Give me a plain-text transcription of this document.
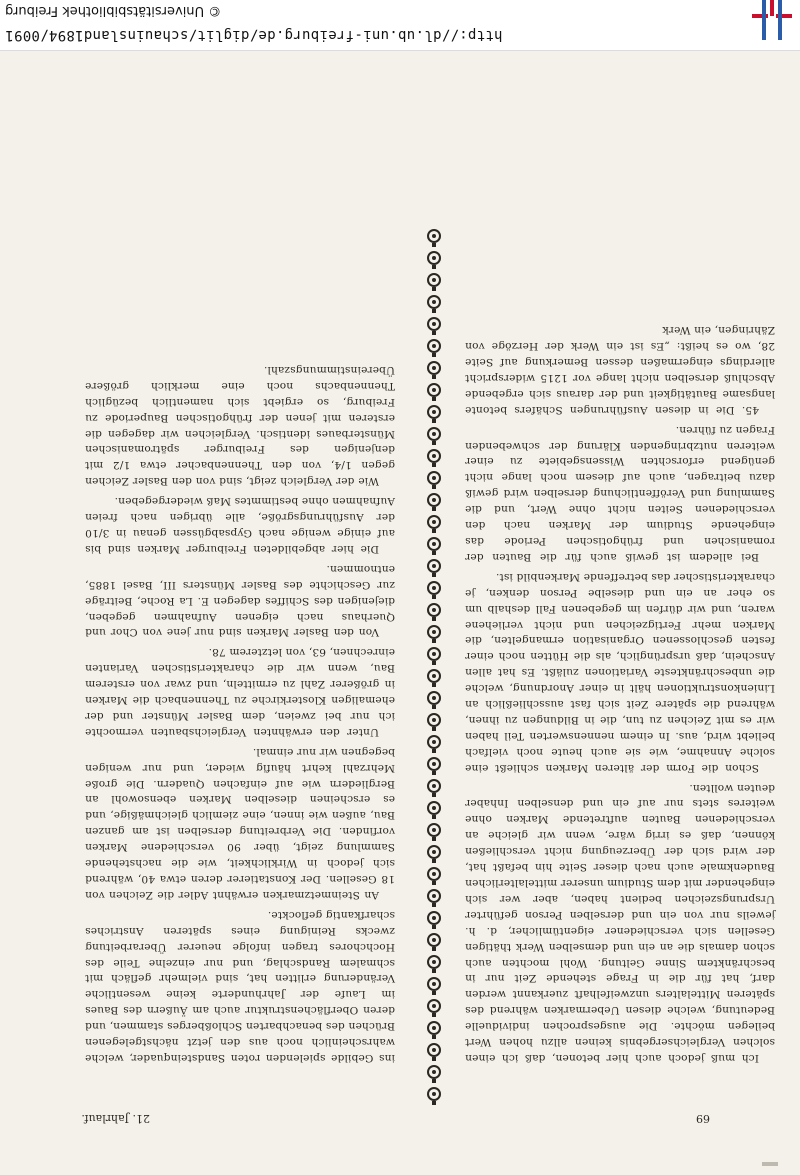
© Universitätsbibliothek Freiburg
http://dl.ub.uni-freiburg.de/diglit/schauinsland1894/0091
69
21. Jahrlauf.

Ich muß jedoch auch hier betonen, daß ich einen solchen Vergleichsergebnis keinen allzu hohen Wert beilegen möchte. Die ausgesprochen individuelle Bedeutung, welche diesen Uebermarken während des späteren Mittelalters unzweifelhaft zuerkannt werden darf, hat für die in Frage stehende Zeit nur in beschränktem Sinne Geltung. Wohl mochten auch schon damals die an ein und demselben Werk thätigen Gesellen sich verschiedener eigentümlicher, d. h. jeweils nur von ein und derselben Person geführter Ursprungszeichen bedient haben, aber wer sich eingehender mit dem Studium unserer mittelalterlichen Baudenkmale auch nach dieser Seite hin befaßt hat, der wird sich der Überzeugung nicht verschließen können, daß es irrig wäre, wenn wir gleiche an verschiedenen Bauten auftretende Marken ohne weiteres stets nur auf ein und denselben Inhaber deuten wollten.

Schon die Form der älteren Marken schließt eine solche Annahme, wie sie auch heute noch vielfach beliebt wird, aus. In einem nennenswerten Teil haben wir es mit Zeichen zu tun, die in Bildungen zu ihnen, während die spätere Zeit sich fast ausschließlich an Linienkonstruktionen hält in einer Anordnung, welche die unbeschränkteste Variationen zuläßt. Es hat allen Anschein, daß ursprünglich, als die Hütten noch einer festen geschlossenen Organisation ermangelten, die Marken mehr Fertigzeichen und nicht verliehene waren, und wir dürfen im gegebenen Fall deshalb um so eher an ein und dieselbe Person denken, je charakteristischer das betreffende Markenbild ist.

Bei alledem ist gewiß auch für die Bauten der romanischen und frühgotischen Periode das eingehende Studium der Marken nach den verschiedenen Seiten nicht ohne Wert, und die Sammlung und Veröffentlichung derselben wird gewiß dazu beitragen, auch auf diesem noch lange nicht genügend erforschten Wissensgebiete zu einer weiteren nutzbringenden Klärung der schwebenden Fragen zu führen.

45. Die in diesen Ausführungen Schäfers betonte langsame Bautätigkeit und der daraus sich ergebende Abschluß derselben nicht lange vor 1215 widerspricht allerdings eingermaßen dessen Bemerkung auf Seite 28, wo es heißt: „Es ist ein Werk der Herzöge von Zähringen, ein Werk

ins Gebilde spielenden roten Sandsteinquader, welche wahrscheinlich noch aus den jetzt nächstgelegenen Brüchen des benachbarten Schloßberges stammen, und deren Oberflächenstruktur auch am Äußern des Baues im Laufe der Jahrhunderte keine wesentliche Veränderung erlitten hat, sind vielmehr gefläch mit schmalem Randschlag, und nur einzelne Teile des Hochchores tragen infolge neuerer Überarbeitung zwecks Reinigung eines späteren Anstriches scharfkantig geflockte.

An Steinmetzmarken erwähnt Adler die Zeichen von 18 Gesellen. Der Konstatierer deren etwa 40, während sich jedoch in Wirklichkeit, wie die nachstehende Sammlung zeigt, über 90 verschiedene Marken vorfinden. Die Verbreitung derselben ist am ganzen Bau, außen wie innen, eine ziemlich gleichmäßige, und es erscheinen dieselben Marken ebensowohl an Bergliedern wie auf einfachen Quadern. Die große Mehrzahl kehrt häufig wieder, und nur wenigen begegnen wir nur einmal.

Unter den erwähnten Vergleichsbauten vermochte ich nur bei zweien, dem Basler Münster und der ehemaligen Klosterkirche zu Thennenbach die Marken in größerer Zahl zu ermitteln, und zwar von ersterem Bau, wenn wir die charakteristischen Varianten einrechnen, 63, von letzterem 78.

Von den Basler Marken sind nur jene von Chor und Querhaus nach eigenen Aufnahmen gegeben, diejenigen des Schiffes dagegen E. La Roche, Beiträge zur Geschichte des Basler Münsters III, Basel 1885, entnommen.

Die hier abgebildeten Freiburger Marken sind bis auf einige wenige nach Gypsabgüssen genau in 3/10 der Ausführungsgröße, alle übrigen nach freien Aufnahmen ohne bestimmtes Maß wiedergegeben.

Wie der Vergleich zeigt, sind von den Basler Zeichen gegen 1/4, von den Thennenbacher etwa 1/2 mit denjenigen des Freiburger spätromanischen Münsterbaues identisch. Vergleichen wir dagegen die ersteren mit jenen der frühgotischen Bauperiode zu Freiburg, so ergiebt sich namentlich bezüglich Thennenbachs noch eine merklich größere Übereinstimmungszahl.
